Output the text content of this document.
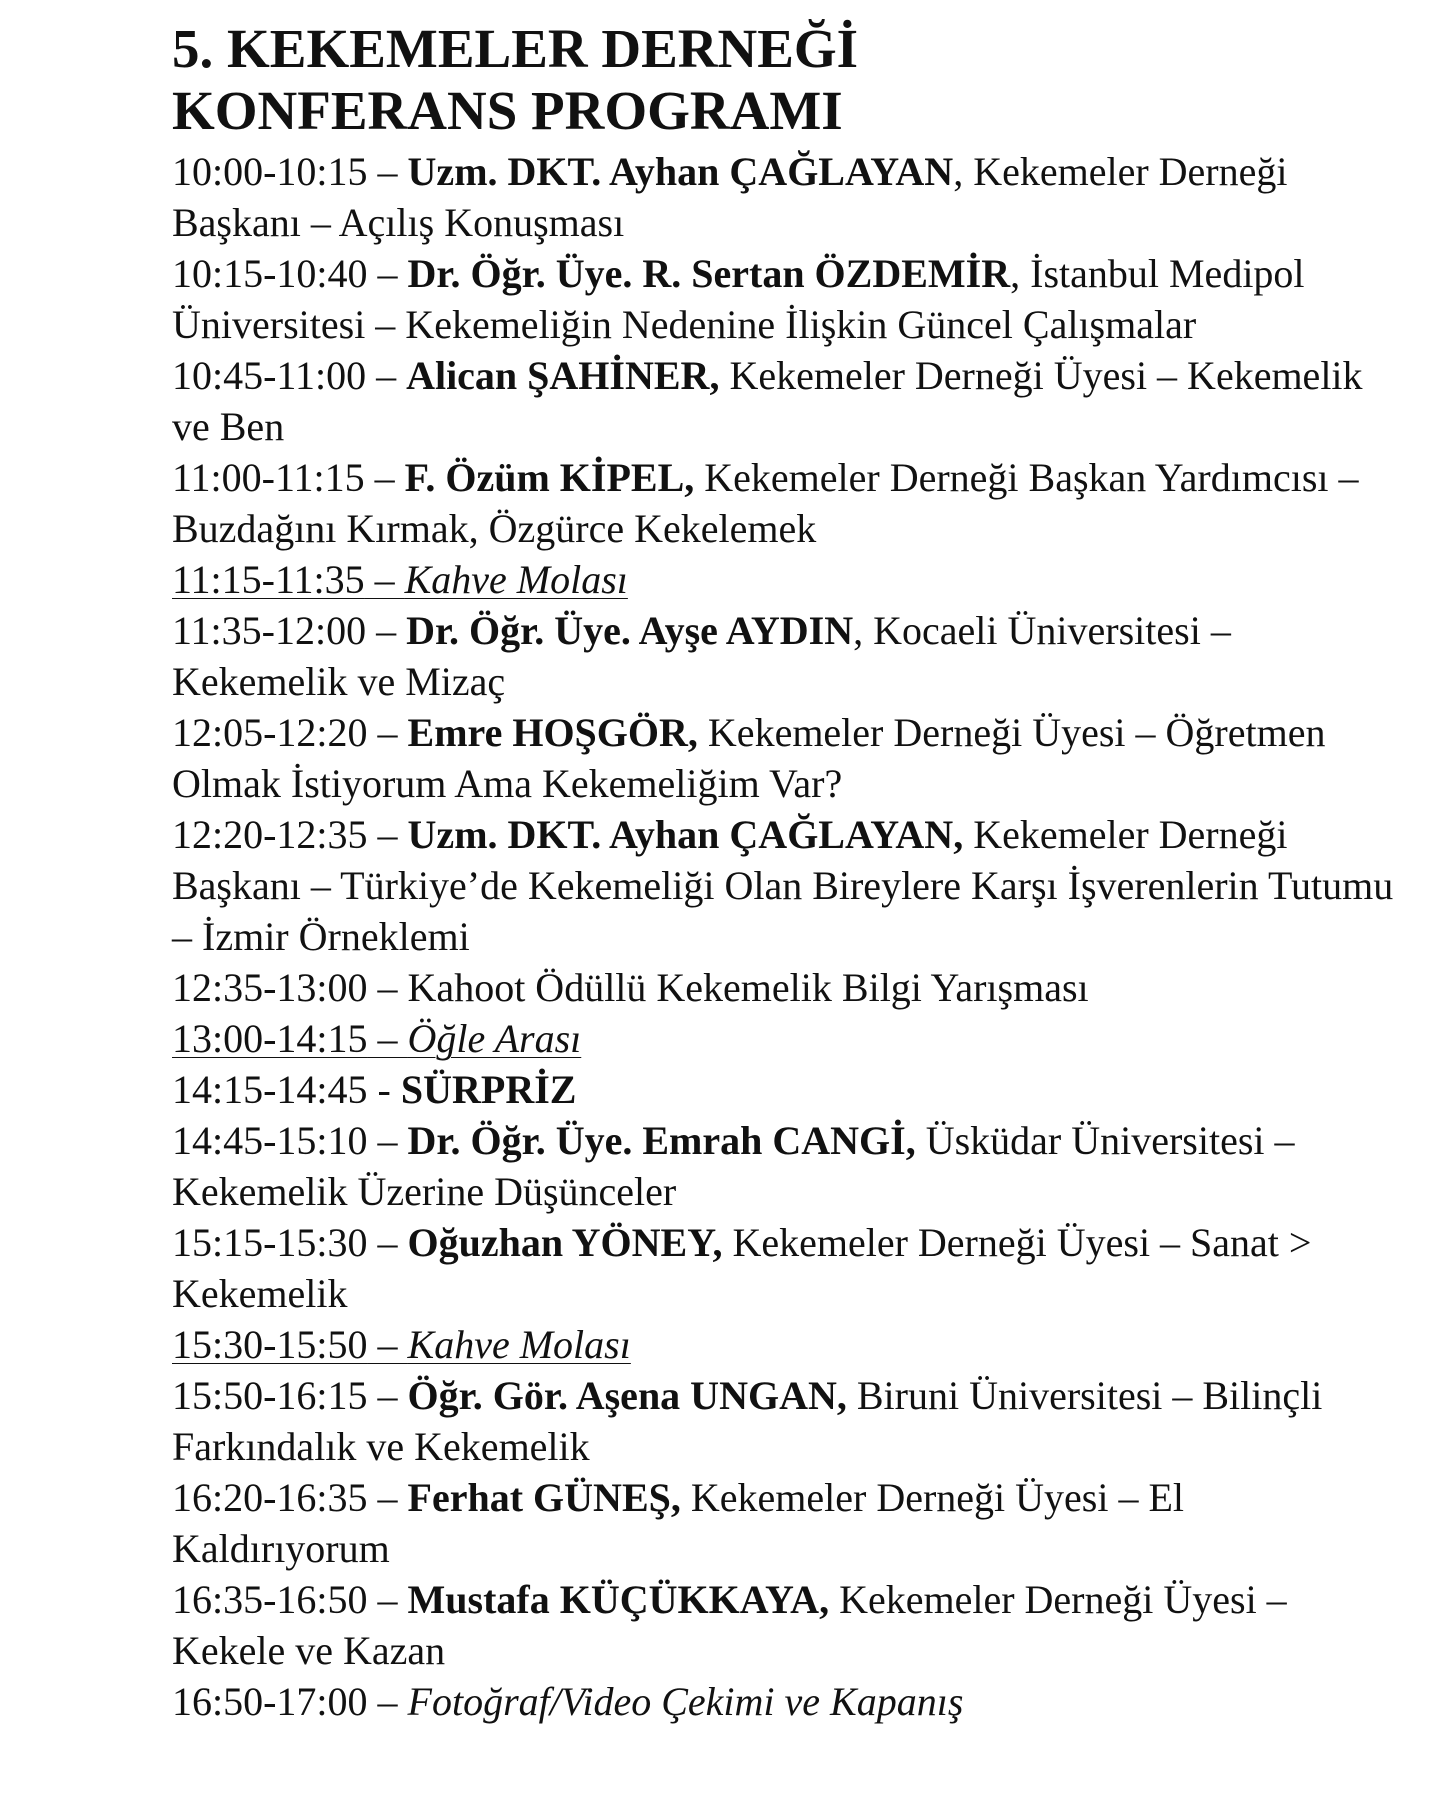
5. KEKEMELER DERNEĞİ
KONFERANS PROGRAMI
10:00-10:15 – Uzm. DKT. Ayhan ÇAĞLAYAN, Kekemeler Derneği Başkanı – Açılış Konuşması
10:15-10:40 – Dr. Öğr. Üye. R. Sertan ÖZDEMİR, İstanbul Medipol Üniversitesi – Kekemeliğin Nedenine İlişkin Güncel Çalışmalar
10:45-11:00 – Alican ŞAHİNER, Kekemeler Derneği Üyesi – Kekemelik ve Ben
11:00-11:15 – F. Özüm KİPEL, Kekemeler Derneği Başkan Yardımcısı – Buzdağını Kırmak, Özgürce Kekelemek
11:15-11:35 – Kahve Molası
11:35-12:00 – Dr. Öğr. Üye. Ayşe AYDIN, Kocaeli Üniversitesi – Kekemelik ve Mizaç
12:05-12:20 – Emre HOŞGÖR, Kekemeler Derneği Üyesi – Öğretmen Olmak İstiyorum Ama Kekemeliğim Var?
12:20-12:35 – Uzm. DKT. Ayhan ÇAĞLAYAN, Kekemeler Derneği Başkanı – Türkiye’de Kekemeliği Olan Bireylere Karşı İşverenlerin Tutumu – İzmir Örneklemi
12:35-13:00 – Kahoot Ödüllü Kekemelik Bilgi Yarışması
13:00-14:15 – Öğle Arası
14:15-14:45 - SÜRPRİZ
14:45-15:10 – Dr. Öğr. Üye. Emrah CANGİ, Üsküdar Üniversitesi – Kekemelik Üzerine Düşünceler
15:15-15:30 – Oğuzhan YÖNEY, Kekemeler Derneği Üyesi – Sanat > Kekemelik
15:30-15:50 – Kahve Molası
15:50-16:15 – Öğr. Gör. Aşena UNGAN, Biruni Üniversitesi – Bilinçli Farkındalık ve Kekemelik
16:20-16:35 – Ferhat GÜNEŞ, Kekemeler Derneği Üyesi – El Kaldırıyorum
16:35-16:50 – Mustafa KÜÇÜKKAYA, Kekemeler Derneği Üyesi – Kekele ve Kazan
16:50-17:00 – Fotoğraf/Video Çekimi ve Kapanış
